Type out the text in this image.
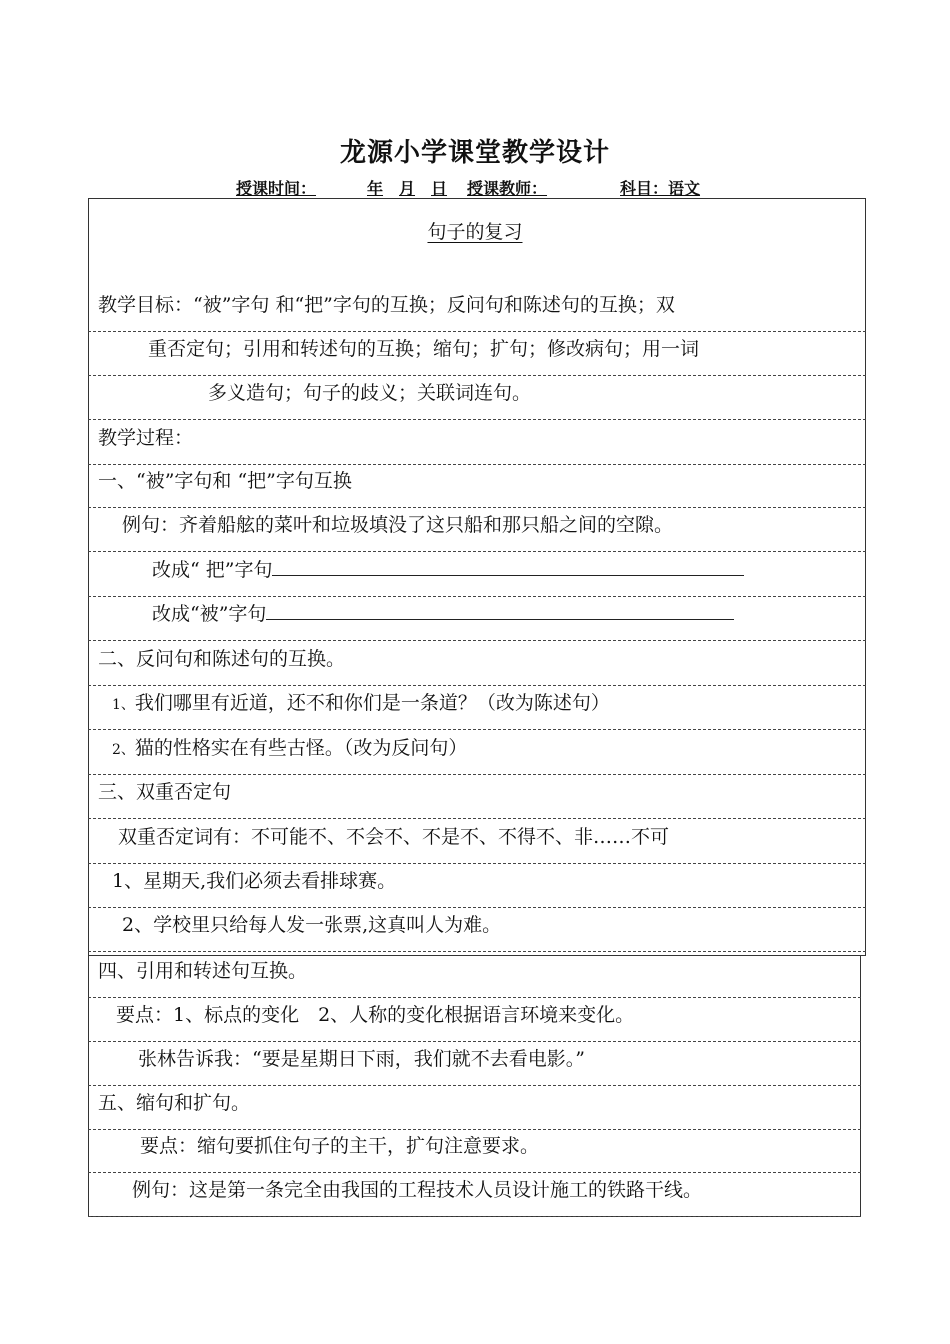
龙源小学课堂教学设计
授课时间：	年 月 日 授课教师：	科目：语文
句子的复习
教学目标：“被”字句 和“把”字句的互换；反问句和陈述句的互换；双
重否定句；引用和转述句的互换；缩句；扩句；修改病句；用一词
多义造句；句子的歧义；关联词连句。
教学过程：
一、“被”字句和 “把”字句互换
例句：齐着船舷的菜叶和垃圾填没了这只船和那只船之间的空隙。
改成“ 把”字句
改成“被”字句
二、反问句和陈述句的互换。
1、我们哪里有近道，还不和你们是一条道？（改为陈述句）
2、猫的性格实在有些古怪。（改为反问句）
三、双重否定句
双重否定词有：不可能不、不会不、不是不、不得不、非……不可
1、星期天,我们必须去看排球赛。
2、学校里只给每人发一张票,这真叫人为难。
四、引用和转述句互换。
要点：1、标点的变化　2、人称的变化根据语言环境来变化。
张林告诉我：“要是星期日下雨，我们就不去看电影。”
五、缩句和扩句。
要点：缩句要抓住句子的主干，扩句注意要求。
例句：这是第一条完全由我国的工程技术人员设计施工的铁路干线。
